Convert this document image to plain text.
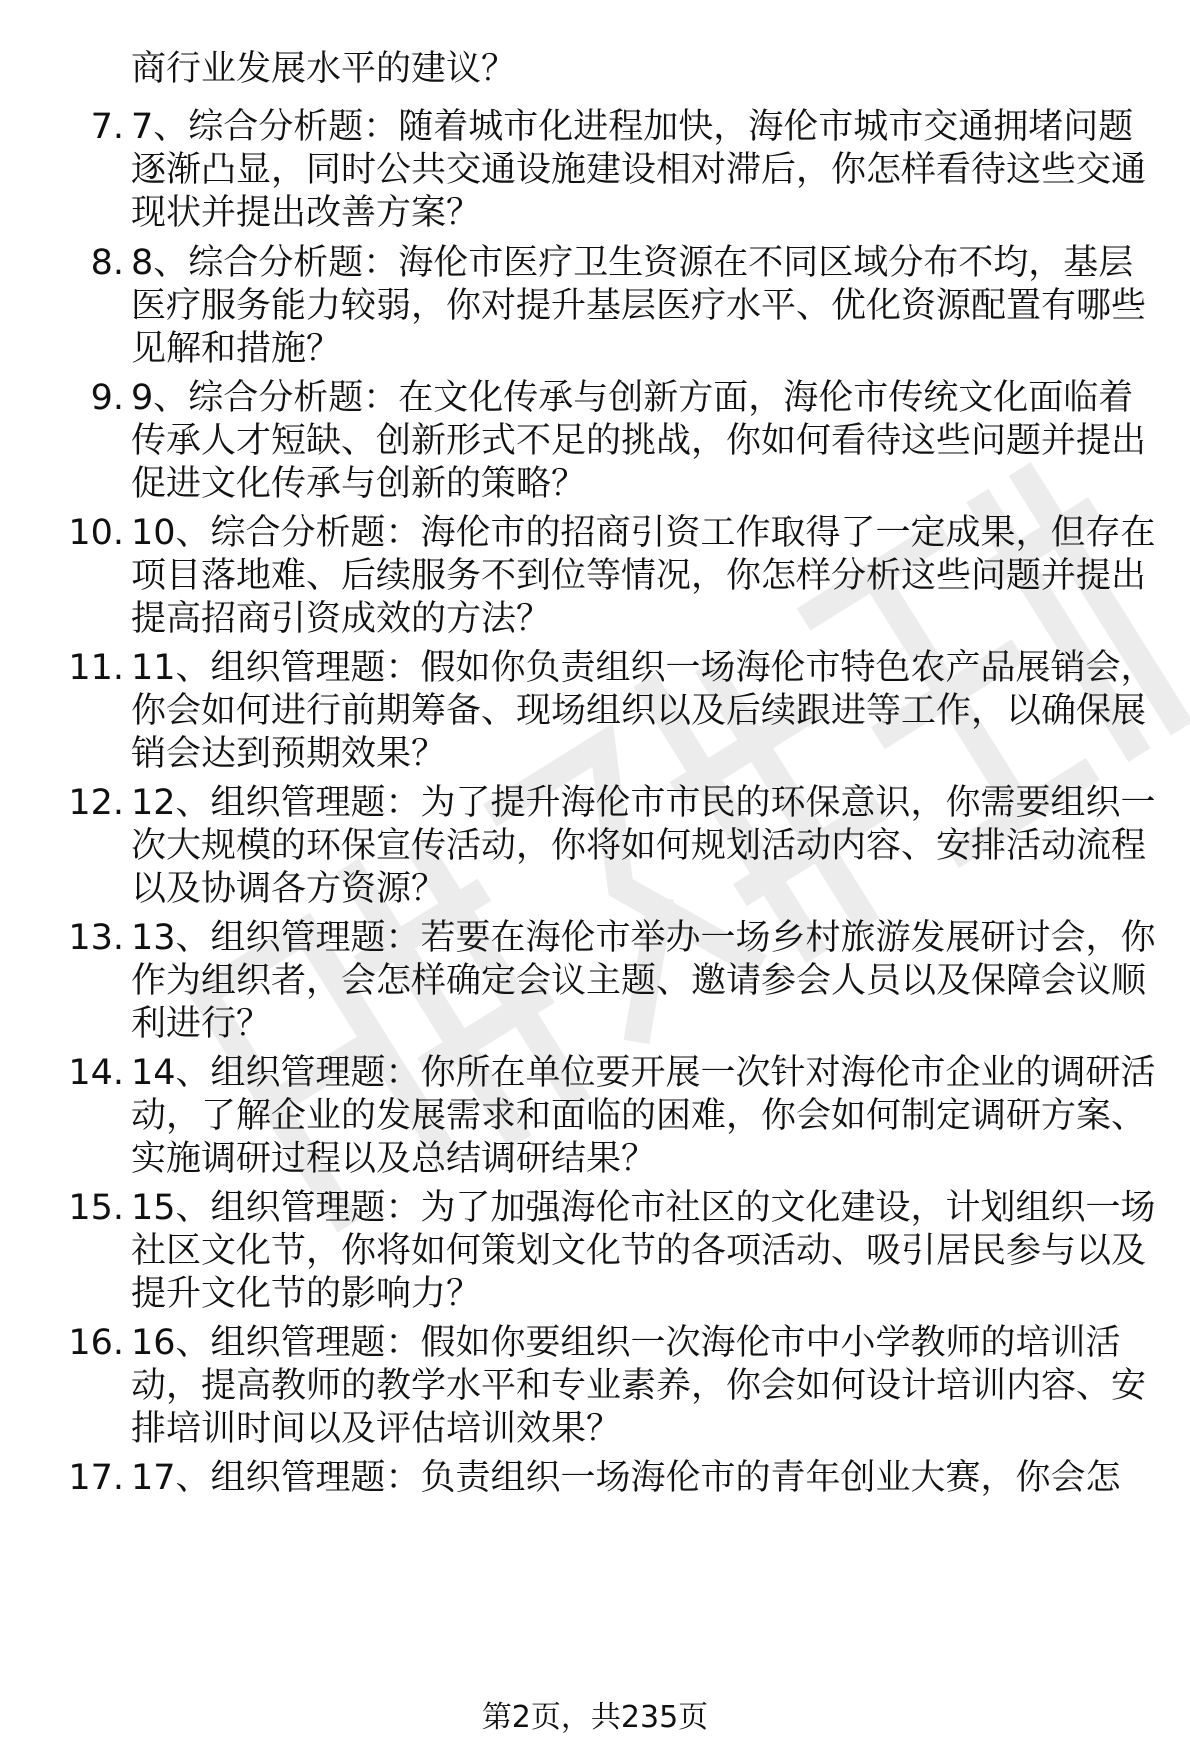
商行业发展水平的建议？

7. 7、综合分析题：随着城市化进程加快，海伦市城市交通拥堵问题逐渐凸显，同时公共交通设施建设相对滞后，你怎样看待这些交通现状并提出改善方案？
8. 8、综合分析题：海伦市医疗卫生资源在不同区域分布不均，基层医疗服务能力较弱，你对提升基层医疗水平、优化资源配置有哪些见解和措施？
9. 9、综合分析题：在文化传承与创新方面，海伦市传统文化面临着传承人才短缺、创新形式不足的挑战，你如何看待这些问题并提出促进文化传承与创新的策略？
10. 10、综合分析题：海伦市的招商引资工作取得了一定成果，但存在项目落地难、后续服务不到位等情况，你怎样分析这些问题并提出提高招商引资成效的方法？
11. 11、组织管理题：假如你负责组织一场海伦市特色农产品展销会，你会如何进行前期筹备、现场组织以及后续跟进等工作，以确保展销会达到预期效果？
12. 12、组织管理题：为了提升海伦市市民的环保意识，你需要组织一次大规模的环保宣传活动，你将如何规划活动内容、安排活动流程以及协调各方资源？
13. 13、组织管理题：若要在海伦市举办一场乡村旅游发展研讨会，你作为组织者，会怎样确定会议主题、邀请参会人员以及保障会议顺利进行？
14. 14、组织管理题：你所在单位要开展一次针对海伦市企业的调研活动，了解企业的发展需求和面临的困难，你会如何制定调研方案、实施调研过程以及总结调研结果？
15. 15、组织管理题：为了加强海伦市社区的文化建设，计划组织一场社区文化节，你将如何策划文化节的各项活动、吸引居民参与以及提升文化节的影响力？
16. 16、组织管理题：假如你要组织一次海伦市中小学教师的培训活动，提高教师的教学水平和专业素养，你会如何设计培训内容、安排培训时间以及评估培训效果？
17. 17、组织管理题：负责组织一场海伦市的青年创业大赛，你会怎
第2页，共235页
